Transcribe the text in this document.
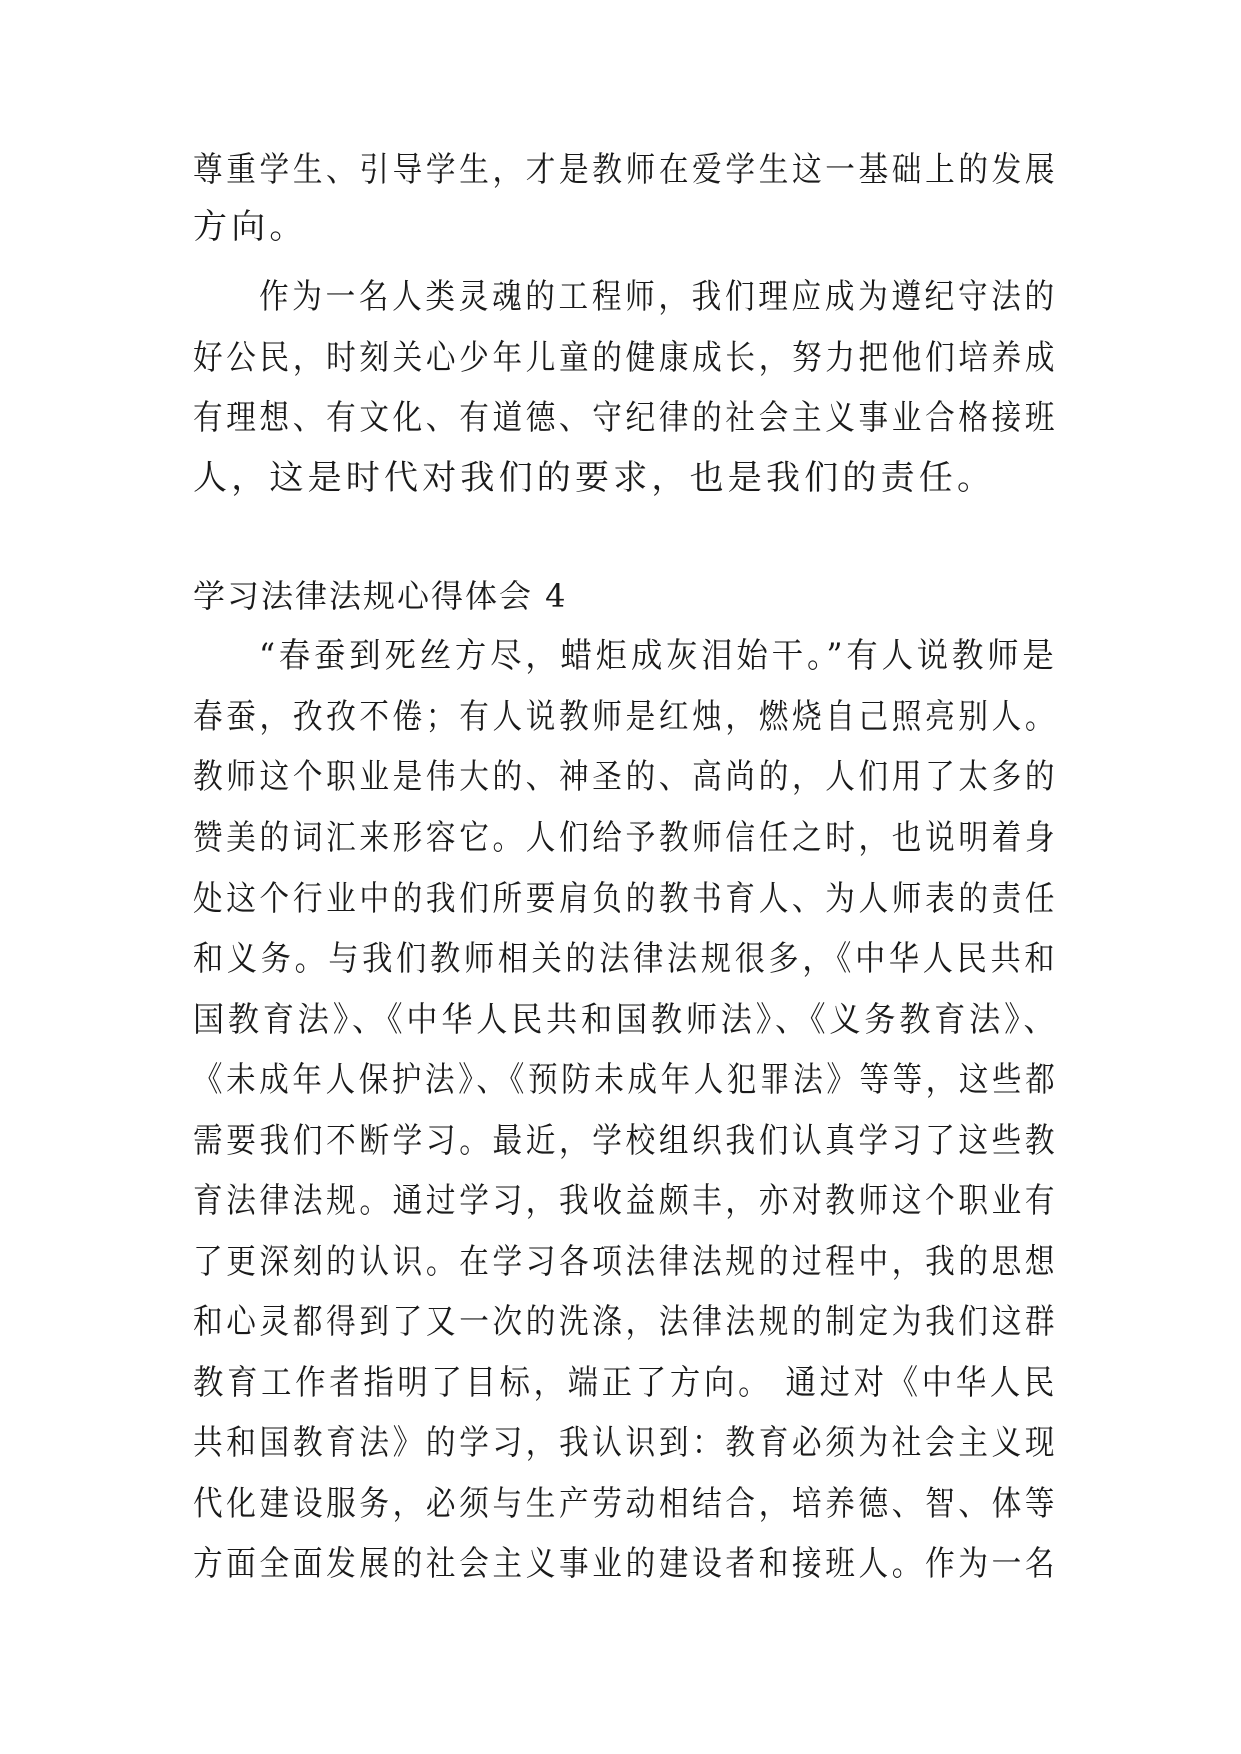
尊重学生、引导学生，才是教师在爱学生这一基础上的发展
方向。
作为一名人类灵魂的工程师，我们理应成为遵纪守法的
好公民，时刻关心少年儿童的健康成长，努力把他们培养成
有理想、有文化、有道德、守纪律的社会主义事业合格接班
人，这是时代对我们的要求，也是我们的责任。
学习法律法规心得体会 4
“春蚕到死丝方尽，蜡炬成灰泪始干。”有人说教师是
春蚕，孜孜不倦；有人说教师是红烛，燃烧自己照亮别人。
教师这个职业是伟大的、神圣的、高尚的，人们用了太多的
赞美的词汇来形容它。人们给予教师信任之时，也说明着身
处这个行业中的我们所要肩负的教书育人、为人师表的责任
和义务。与我们教师相关的法律法规很多，《中华人民共和
国教育法》、《中华人民共和国教师法》、《义务教育法》、
《未成年人保护法》、《预防未成年人犯罪法》等等，这些都
需要我们不断学习。最近，学校组织我们认真学习了这些教
育法律法规。通过学习，我收益颇丰，亦对教师这个职业有
了更深刻的认识。在学习各项法律法规的过程中，我的思想
和心灵都得到了又一次的洗涤，法律法规的制定为我们这群
教育工作者指明了目标，端正了方向。 通过对《中华人民
共和国教育法》的学习，我认识到：教育必须为社会主义现
代化建设服务，必须与生产劳动相结合，培养德、智、体等
方面全面发展的社会主义事业的建设者和接班人。作为一名
